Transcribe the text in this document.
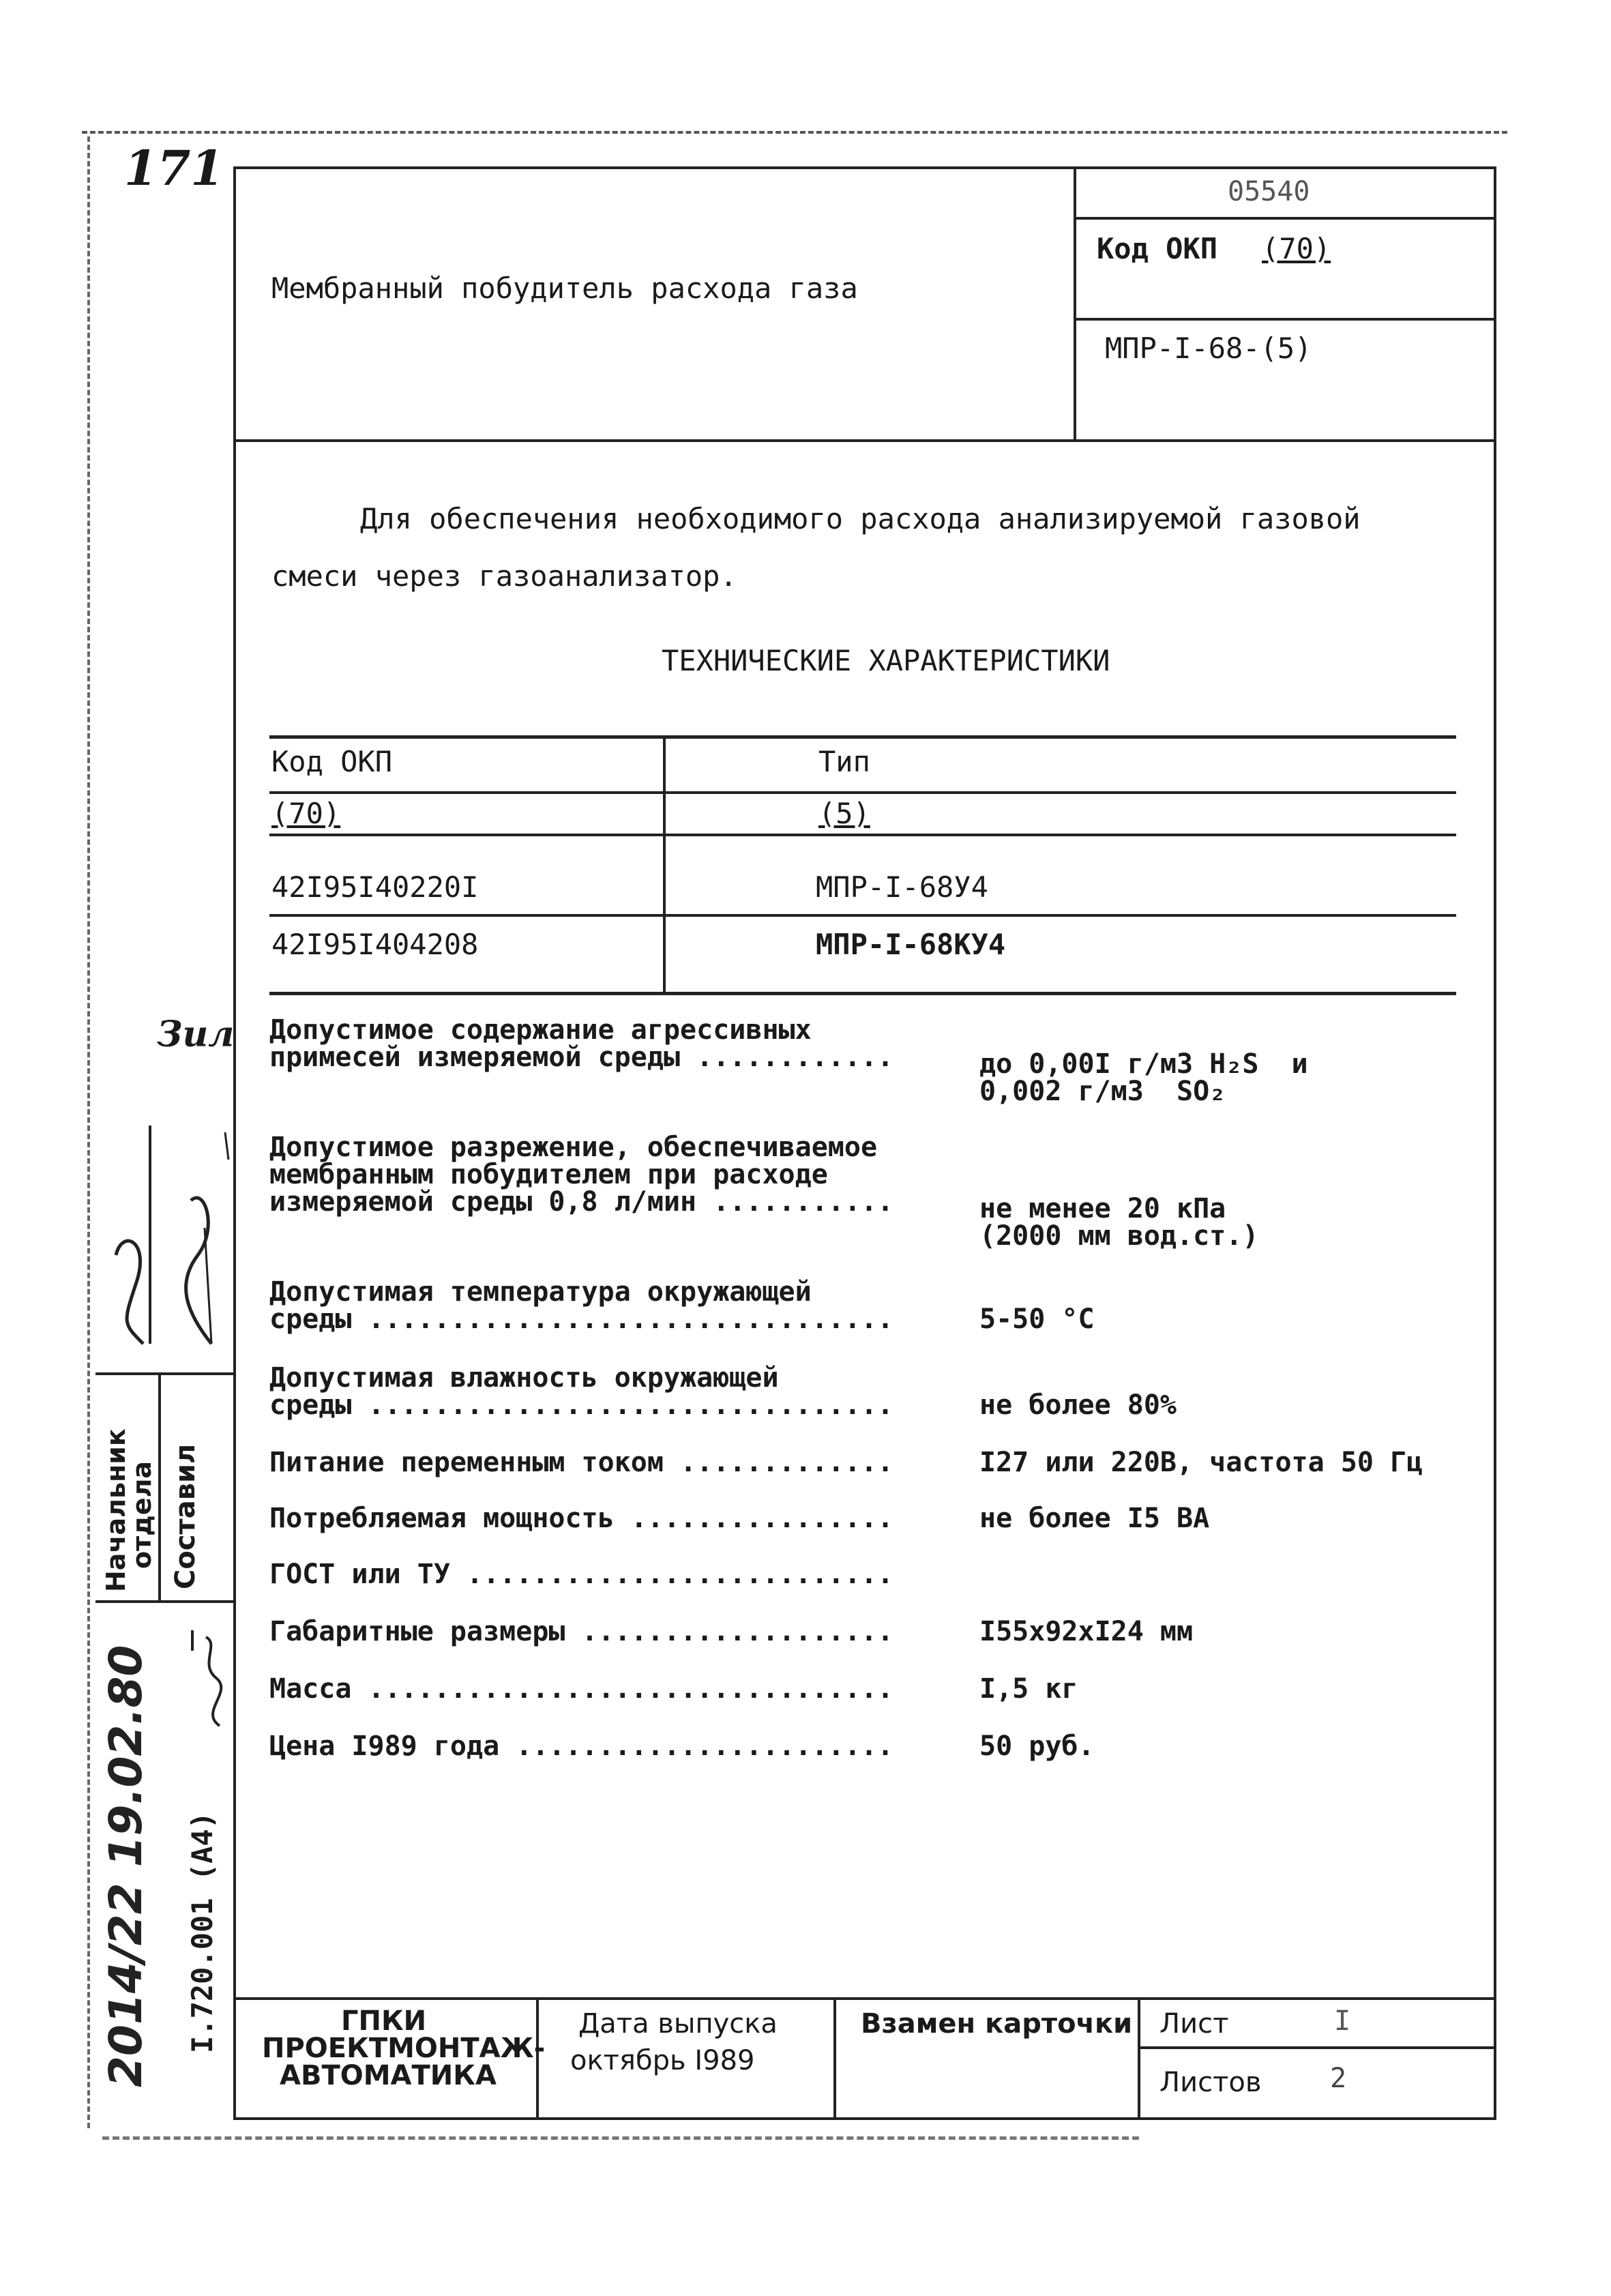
171	05540
Код ОКП (70)
Мембранный побудитель расхода газа
МПР-I-68-(5)
Для обеспечения необходимого расхода анализируемой газовой
смеси через газоанализатор.
ТЕХНИЧЕСКИЕ ХАРАКТЕРИСТИКИ
Код ОКП	Тип
(70)	(5)
42I95I40220I	МПР-I-68У4
42I95I404208	МПР-I-68КУ4
Допустимое содержание агрессивных
примесей измеряемой среды ............	до 0,00I г/м3 H₂S  и
0,002 г/м3  SO₂
Допустимое разрежение, обеспечиваемое
мембранным побудителем при расходе
измеряемой среды 0,8 л/мин ...........	не менее 20 кПа
(2000 мм вод.ст.)
Допустимая температура окружающей
среды ................................	5-50 °C
Допустимая влажность окружающей
среды ................................	не более 80%
Питание переменным током .............	I27 или 220В, частота 50 Гц
Потребляемая мощность ................	не более I5 ВА
ГОСТ или ТУ ..........................
Габаритные размеры ...................	I55x92xI24 мм
Масса ................................	I,5 кг
Цена I989 года .......................	50 руб.
ГПКИ
ПРОЕКТМОНТАЖ-
АВТОМАТИКА
Дата выпуска
октябрь I989
Взамен карточки Лист	I
Листов	2
Начальник
отдела Составил
Зил
2014/22 19.02.80 I.720.001 (A4)
